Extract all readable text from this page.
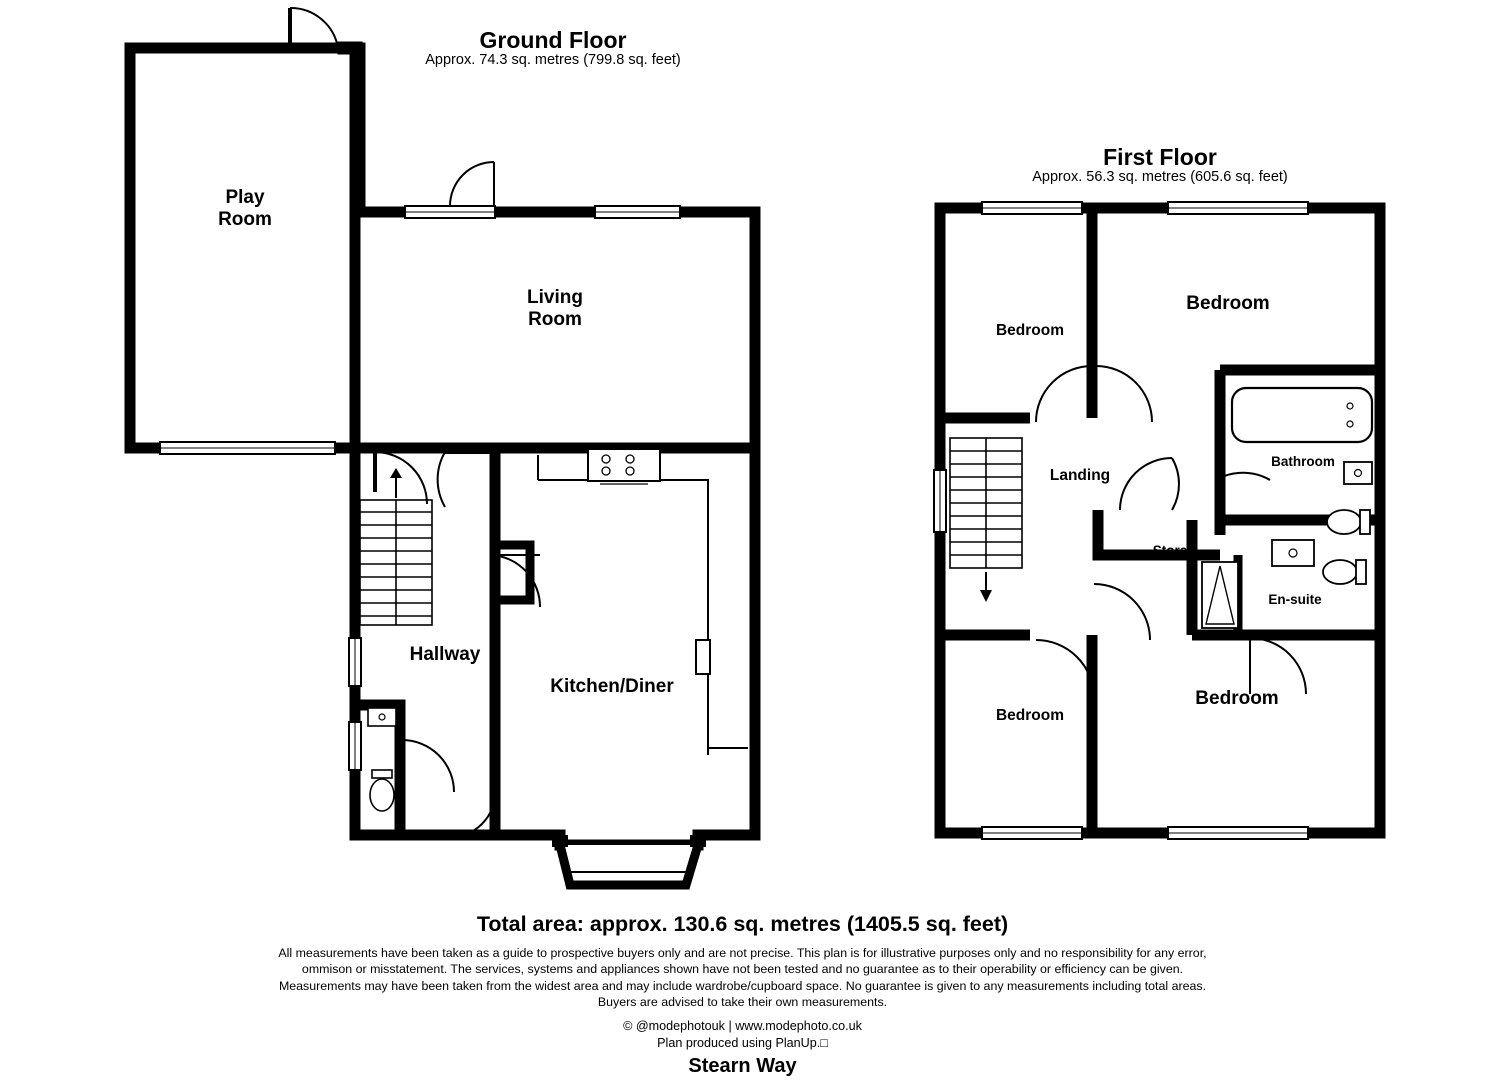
Ground Floor
Approx. 74.3 sq. metres (799.8 sq. feet)
Play
Room
Living
Room
Hallway
Kitchen/Diner
First Floor
Approx. 56.3 sq. metres (605.6 sq. feet)
Bedroom
Bedroom
Landing
Bathroom
Store
En-suite
Bedroom
Bedroom
Total area: approx. 130.6 sq. metres (1405.5 sq. feet)
All measurements have been taken as a guide to prospective buyers only and are not precise. This plan is for illustrative purposes only and no responsibility for any error,
ommison or misstatement. The services, systems and appliances shown have not been tested and no guarantee as to their operability or efficiency can be given.
Measurements may have been taken from the widest area and may include wardrobe/cupboard space. No guarantee is given to any measurements including total areas.
Buyers are advised to take their own measurements.
© @modephotouk | www.modephoto.co.uk
Plan produced using PlanUp.□
Stearn Way
